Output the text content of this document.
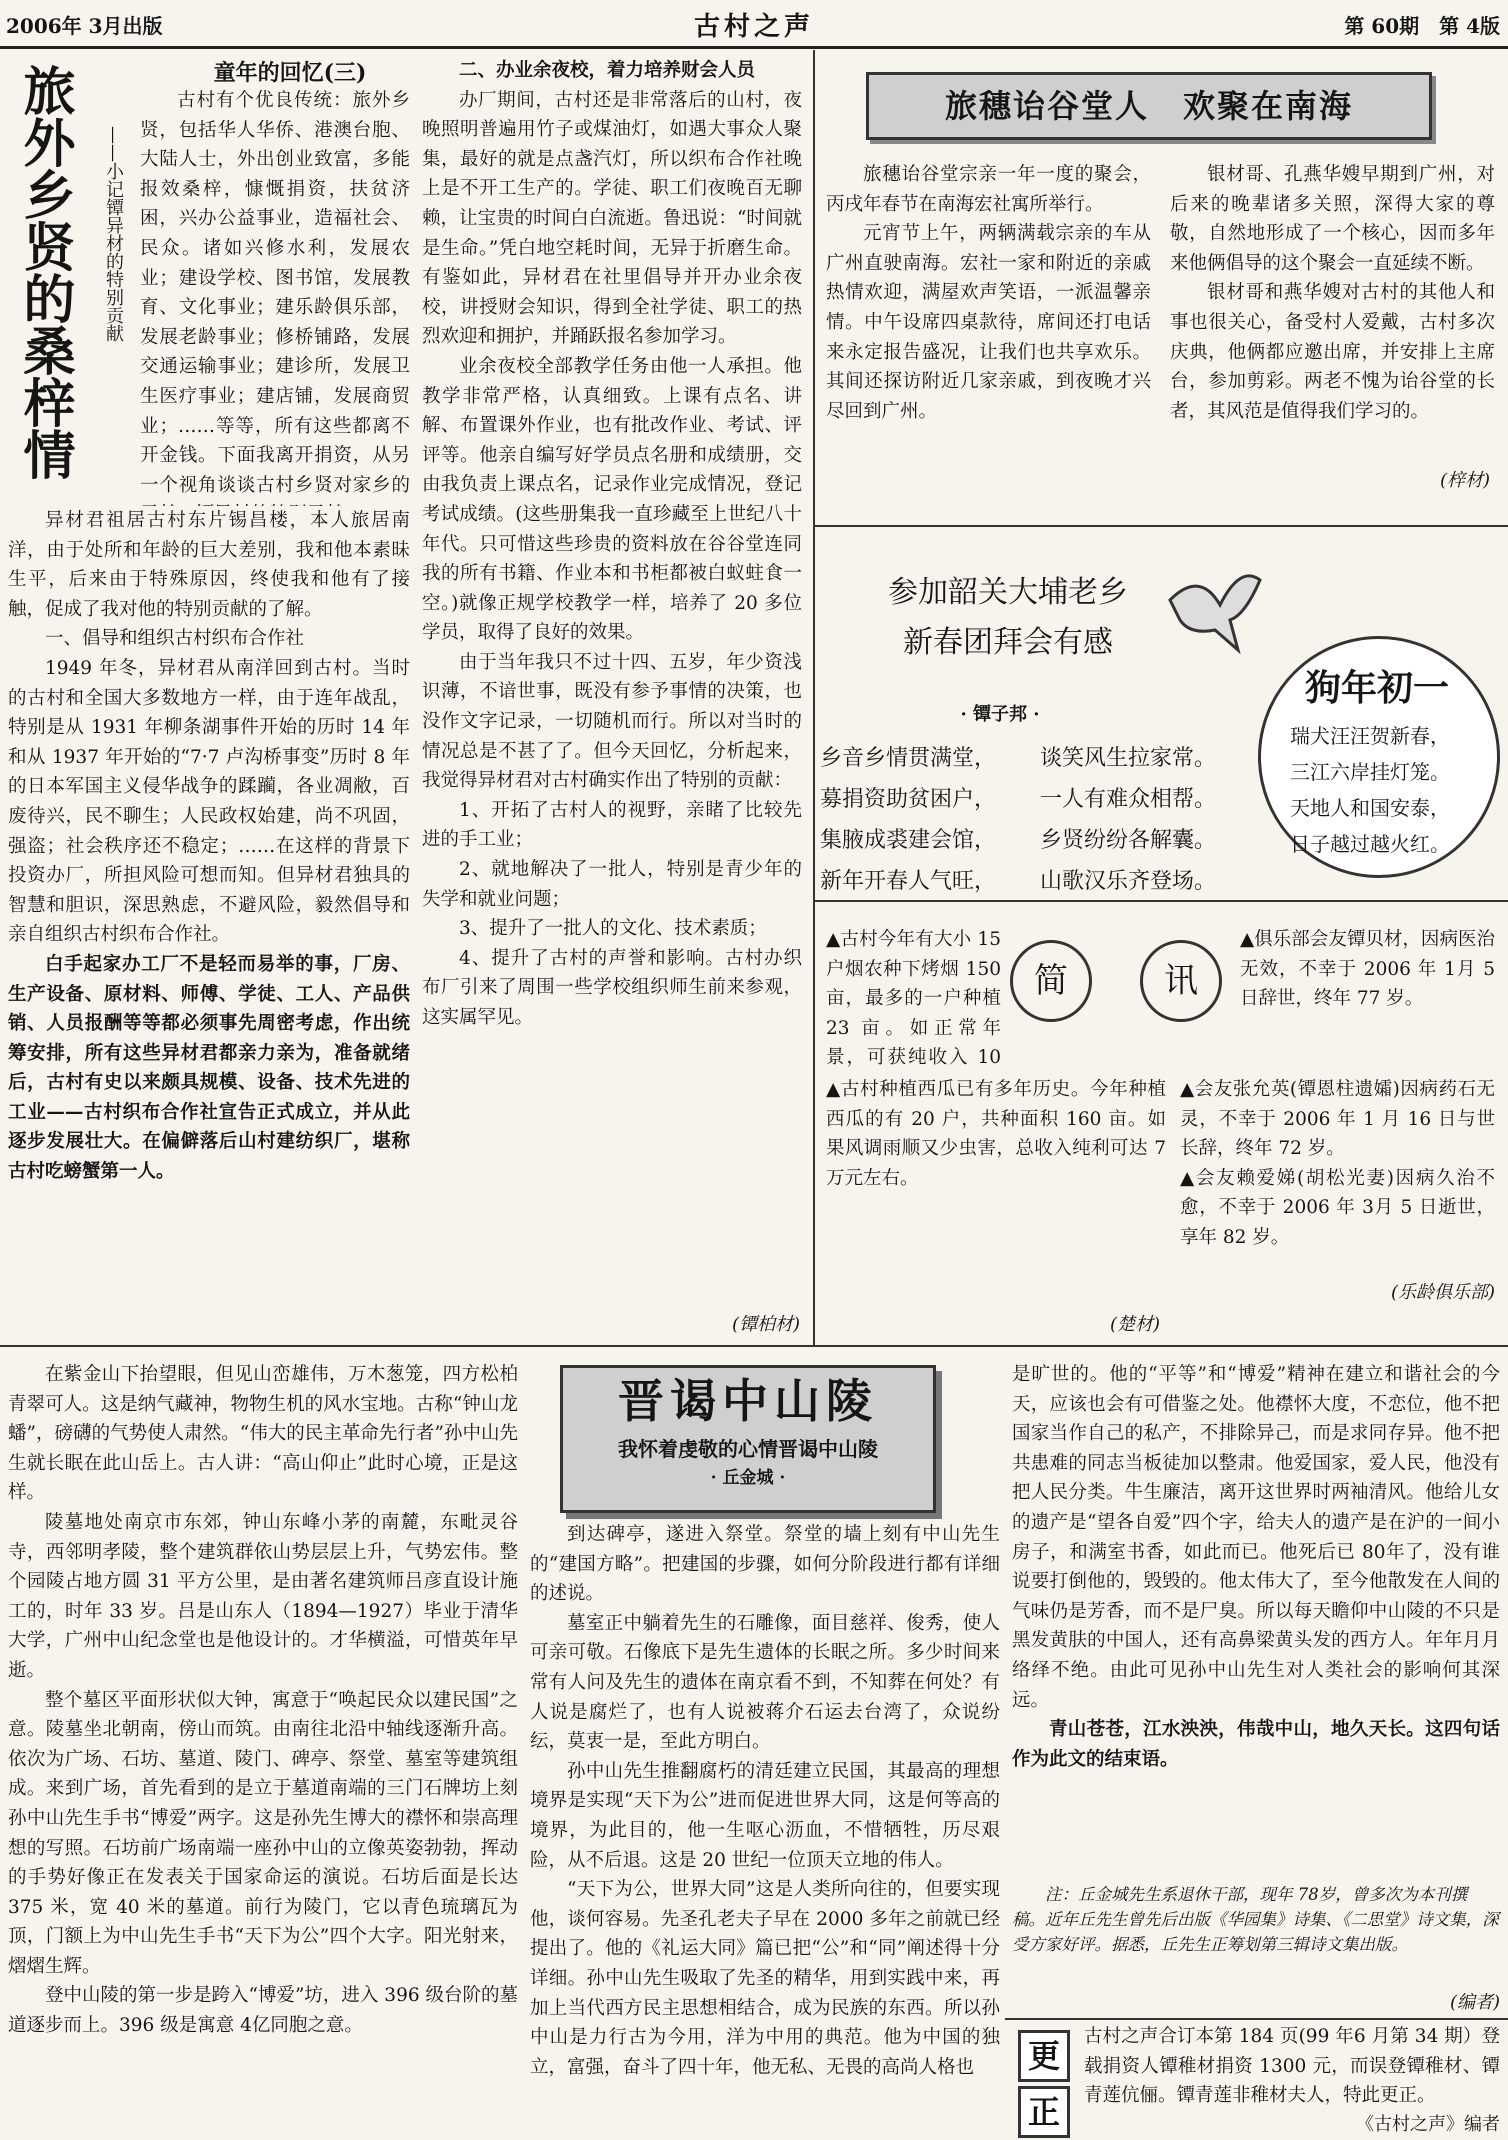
2006年 3月出版	古村之声	第 60期　第 4版
旅外乡贤的桑梓情	——小记镡异材的特别贡献
童年的回忆(三)

古村有个优良传统：旅外乡贤，包括华人华侨、港澳台胞、大陆人士，外出创业致富，多能报效桑梓，慷慨捐资，扶贫济困，兴办公益事业，造福社会、民众。诸如兴修水利，发展农业；建设学校、图书馆，发展教育、文化事业；建乐龄俱乐部，发展老龄事业；修桥铺路，发展交通运输事业；建诊所，发展卫生医疗事业；建店铺，发展商贸业；……等等，所有这些都离不开金钱。下面我离开捐资，从另一个视角谈谈古村乡贤对家乡的

异材君祖居古村东片锡昌楼，本人旅居南洋，由于处所和年龄的巨大差别，我和他本素昧生平，后来由于特殊原因，终使我和他有了接触，促成了我对他的特别贡献的了解。

一、倡导和组织古村织布合作社

1949 年冬，异材君从南洋回到古村。当时的古村和全国大多数地方一样，由于连年战乱，特别是从 1931 年柳条湖事件开始的历时 14 年和从 1937 年开始的“7·7 卢沟桥事变”历时 8 年的日本军国主义侵华战争的蹂躏，各业凋敝，百废待兴，民不聊生；人民政权始建，尚不巩固，强盗；社会秩序还不稳定；……在这样的背景下投资办厂，所担风险可想而知。但异材君独具的智慧和胆识，深思熟虑，不避风险，毅然倡导和亲自组织古村织布合作社。

白手起家办工厂不是轻而易举的事，厂房、生产设备、原材料、师傅、学徒、工人、产品供销、人员报酬等等都必须事先周密考虑，作出统筹安排，所有这些异材君都亲力亲为，准备就绪后，古村有史以来颇具规模、设备、技术先进的工业——古村织布合作社宣告正式成立，并从此逐步发展壮大。在偏僻落后山村建纺织厂，堪称古村吃螃蟹第一人。

二、办业余夜校，着力培养财会人员

办厂期间，古村还是非常落后的山村，夜晚照明普遍用竹子或煤油灯，如遇大事众人聚集，最好的就是点盏汽灯，所以织布合作社晚上是不开工生产的。学徒、职工们夜晚百无聊赖，让宝贵的时间白白流逝。鲁迅说：“时间就是生命。”凭白地空耗时间，无异于折磨生命。有鉴如此，异材君在社里倡导并开办业余夜校，讲授财会知识，得到全社学徒、职工的热烈欢迎和拥护，并踊跃报名参加学习。

业余夜校全部教学任务由他一人承担。他教学非常严格，认真细致。上课有点名、讲解、布置课外作业，也有批改作业、考试、评评等。他亲自编写好学员点名册和成绩册，交由我负责上课点名，记录作业完成情况，登记考试成绩。(这些册集我一直珍藏至上世纪八十年代。只可惜这些珍贵的资料放在谷谷堂连同我的所有书籍、作业本和书柜都被白蚁蛀食一空。)就像正规学校教学一样，培养了 20 多位学员，取得了良好的效果。

由于当年我只不过十四、五岁，年少资浅识薄，不谙世事，既没有参予事情的决策，也没作文字记录，一切随机而行。所以对当时的情况总是不甚了了。但今天回忆，分析起来，我觉得异材君对古村确实作出了特别的贡献：

1、开拓了古村人的视野，亲睹了比较先进的手工业；

2、就地解决了一批人，特别是青少年的失学和就业问题；

3、提升了一批人的文化、技术素质；

4、提升了古村的声誉和影响。古村办织布厂引来了周围一些学校组织师生前来参观，这实属罕见。

(镡柏材)
旅穗诒谷堂人　欢聚在南海

旅穗诒谷堂宗亲一年一度的聚会，丙戌年春节在南海宏社寓所举行。

元宵节上午，两辆满载宗亲的车从广州直驶南海。宏社一家和附近的亲戚热情欢迎，满屋欢声笑语，一派温馨亲情。中午设席四桌款待，席间还打电话来永定报告盛况，让我们也共享欢乐。其间还探访附近几家亲戚，到夜晚才兴尽回到广州。

银材哥、孔燕华嫂早期到广州，对后来的晚辈诸多关照，深得大家的尊敬，自然地形成了一个核心，因而多年来他俩倡导的这个聚会一直延续不断。

银材哥和燕华嫂对古村的其他人和事也很关心，备受村人爱戴，古村多次庆典，他俩都应邀出席，并安排上主席台，参加剪彩。两老不愧为诒谷堂的长者，其风范是值得我们学习的。

(梓材)
参加韶关大埔老乡
新春团拜会有感
· 镡子邦 ·
乡音乡情贯满堂，	谈笑风生拉家常。
募捐资助贫困户，	一人有难众相帮。
集腋成裘建会馆，	乡贤纷纷各解囊。
新年开春人气旺，	山歌汉乐齐登场。
狗年初一
瑞犬汪汪贺新春，
三江六岸挂灯笼。
天地人和国安泰，
日子越过越火红。
简	讯

▲古村今年有大小 15 户烟农种下烤烟 150 亩，最多的一户种植 23 亩。如正常年景，可获纯收入 10

▲古村种植西瓜已有多年历史。今年种植西瓜的有 20 户，共种面积 160 亩。如果风调雨顺又少虫害，总收入纯利可达 7 万元左右。

(楚材)

▲俱乐部会友镡贝材，因病医治无效，不幸于 2006 年 1月 5 日辞世，终年 77 岁。

▲会友张允英(镡恩柱遗孀)因病药石无灵，不幸于 2006 年 1 月 16 日与世长辞，终年 72 岁。

▲会友赖爱娣(胡松光妻)因病久治不愈，不幸于 2006 年 3月 5 日逝世，享年 82 岁。

(乐龄俱乐部)
晋谒中山陵
我怀着虔敬的心情晋谒中山陵
· 丘金城 ·

在紫金山下抬望眼，但见山峦雄伟，万木葱笼，四方松柏青翠可人。这是纳气藏神，物物生机的风水宝地。古称“钟山龙蟠”，磅礴的气势使人肃然。“伟大的民主革命先行者”孙中山先生就长眠在此山岳上。古人讲：“高山仰止”此时心境，正是这样。

陵墓地处南京市东郊，钟山东峰小茅的南麓，东毗灵谷寺，西邻明孝陵，整个建筑群依山势层层上升，气势宏伟。整个园陵占地方圆 31 平方公里，是由著名建筑师吕彦直设计施工的，时年 33 岁。吕是山东人（1894—1927）毕业于清华大学，广州中山纪念堂也是他设计的。才华横溢，可惜英年早逝。

整个墓区平面形状似大钟，寓意于“唤起民众以建民国”之意。陵墓坐北朝南，傍山而筑。由南往北沿中轴线逐渐升高。依次为广场、石坊、墓道、陵门、碑亭、祭堂、墓室等建筑组成。来到广场，首先看到的是立于墓道南端的三门石牌坊上刻孙中山先生手书“博爱”两字。这是孙先生博大的襟怀和崇高理想的写照。石坊前广场南端一座孙中山的立像英姿勃勃，挥动的手势好像正在发表关于国家命运的演说。石坊后面是长达 375 米，宽 40 米的墓道。前行为陵门，它以青色琉璃瓦为顶，门额上为中山先生手书“天下为公”四个大字。阳光射来，熠熠生辉。

登中山陵的第一步是跨入“博爱”坊，进入 396 级台阶的墓道逐步而上。396 级是寓意 4亿同胞之意。

到达碑亭，遂进入祭堂。祭堂的墙上刻有中山先生的“建国方略”。把建国的步骤，如何分阶段进行都有详细的述说。

墓室正中躺着先生的石雕像，面目慈祥、俊秀，使人可亲可敬。石像底下是先生遗体的长眠之所。多少时间来常有人问及先生的遗体在南京看不到，不知葬在何处？有人说是腐烂了，也有人说被蒋介石运去台湾了，众说纷纭，莫衷一是，至此方明白。

孙中山先生推翻腐朽的清廷建立民国，其最高的理想境界是实现“天下为公”进而促进世界大同，这是何等高的境界，为此目的，他一生呕心沥血，不惜牺牲，历尽艰险，从不后退。这是 20 世纪一位顶天立地的伟人。

“天下为公，世界大同”这是人类所向往的，但要实现他，谈何容易。先圣孔老夫子早在 2000 多年之前就已经提出了。他的《礼运大同》篇已把“公”和“同”阐述得十分详细。孙中山先生吸取了先圣的精华，用到实践中来，再加上当代西方民主思想相结合，成为民族的东西。所以孙中山是力行古为今用，洋为中用的典范。他为中国的独立，富强，奋斗了四十年，他无私、无畏的高尚人格也

是旷世的。他的“平等”和“博爱”精神在建立和谐社会的今天，应该也会有可借鉴之处。他襟怀大度，不恋位，他不把国家当作自己的私产，不排除异己，而是求同存异。他不把共患难的同志当板徒加以整肃。他爱国家，爱人民，他没有把人民分类。牛生廉洁，离开这世界时两袖清风。他给儿女的遗产是“望各自爱”四个字，给夫人的遗产是在沪的一间小房子，和满室书香，如此而已。他死后已 80年了，没有谁说要打倒他的，毁毁的。他太伟大了，至今他散发在人间的气味仍是芳香，而不是尸臭。所以每天瞻仰中山陵的不只是黑发黄肤的中国人，还有高鼻梁黄头发的西方人。年年月月络绎不绝。由此可见孙中山先生对人类社会的影响何其深远。

青山苍苍，江水泱泱，伟哉中山，地久天长。这四句话作为此文的结束语。

注：丘金城先生系退休干部，现年 78岁，曾多次为本刊撰稿。近年丘先生曾先后出版《华园集》诗集、《二思堂》诗文集，深受方家好评。据悉，丘先生正筹划第三辑诗文集出版。
(编者)
更
正

古村之声合订本第 184 页(99 年6 月第 34 期）登载捐资人镡稚材捐资 1300 元，而误登镡稚材、镡青莲伉俪。镡青莲非稚材夫人，特此更正。

《古村之声》编者
